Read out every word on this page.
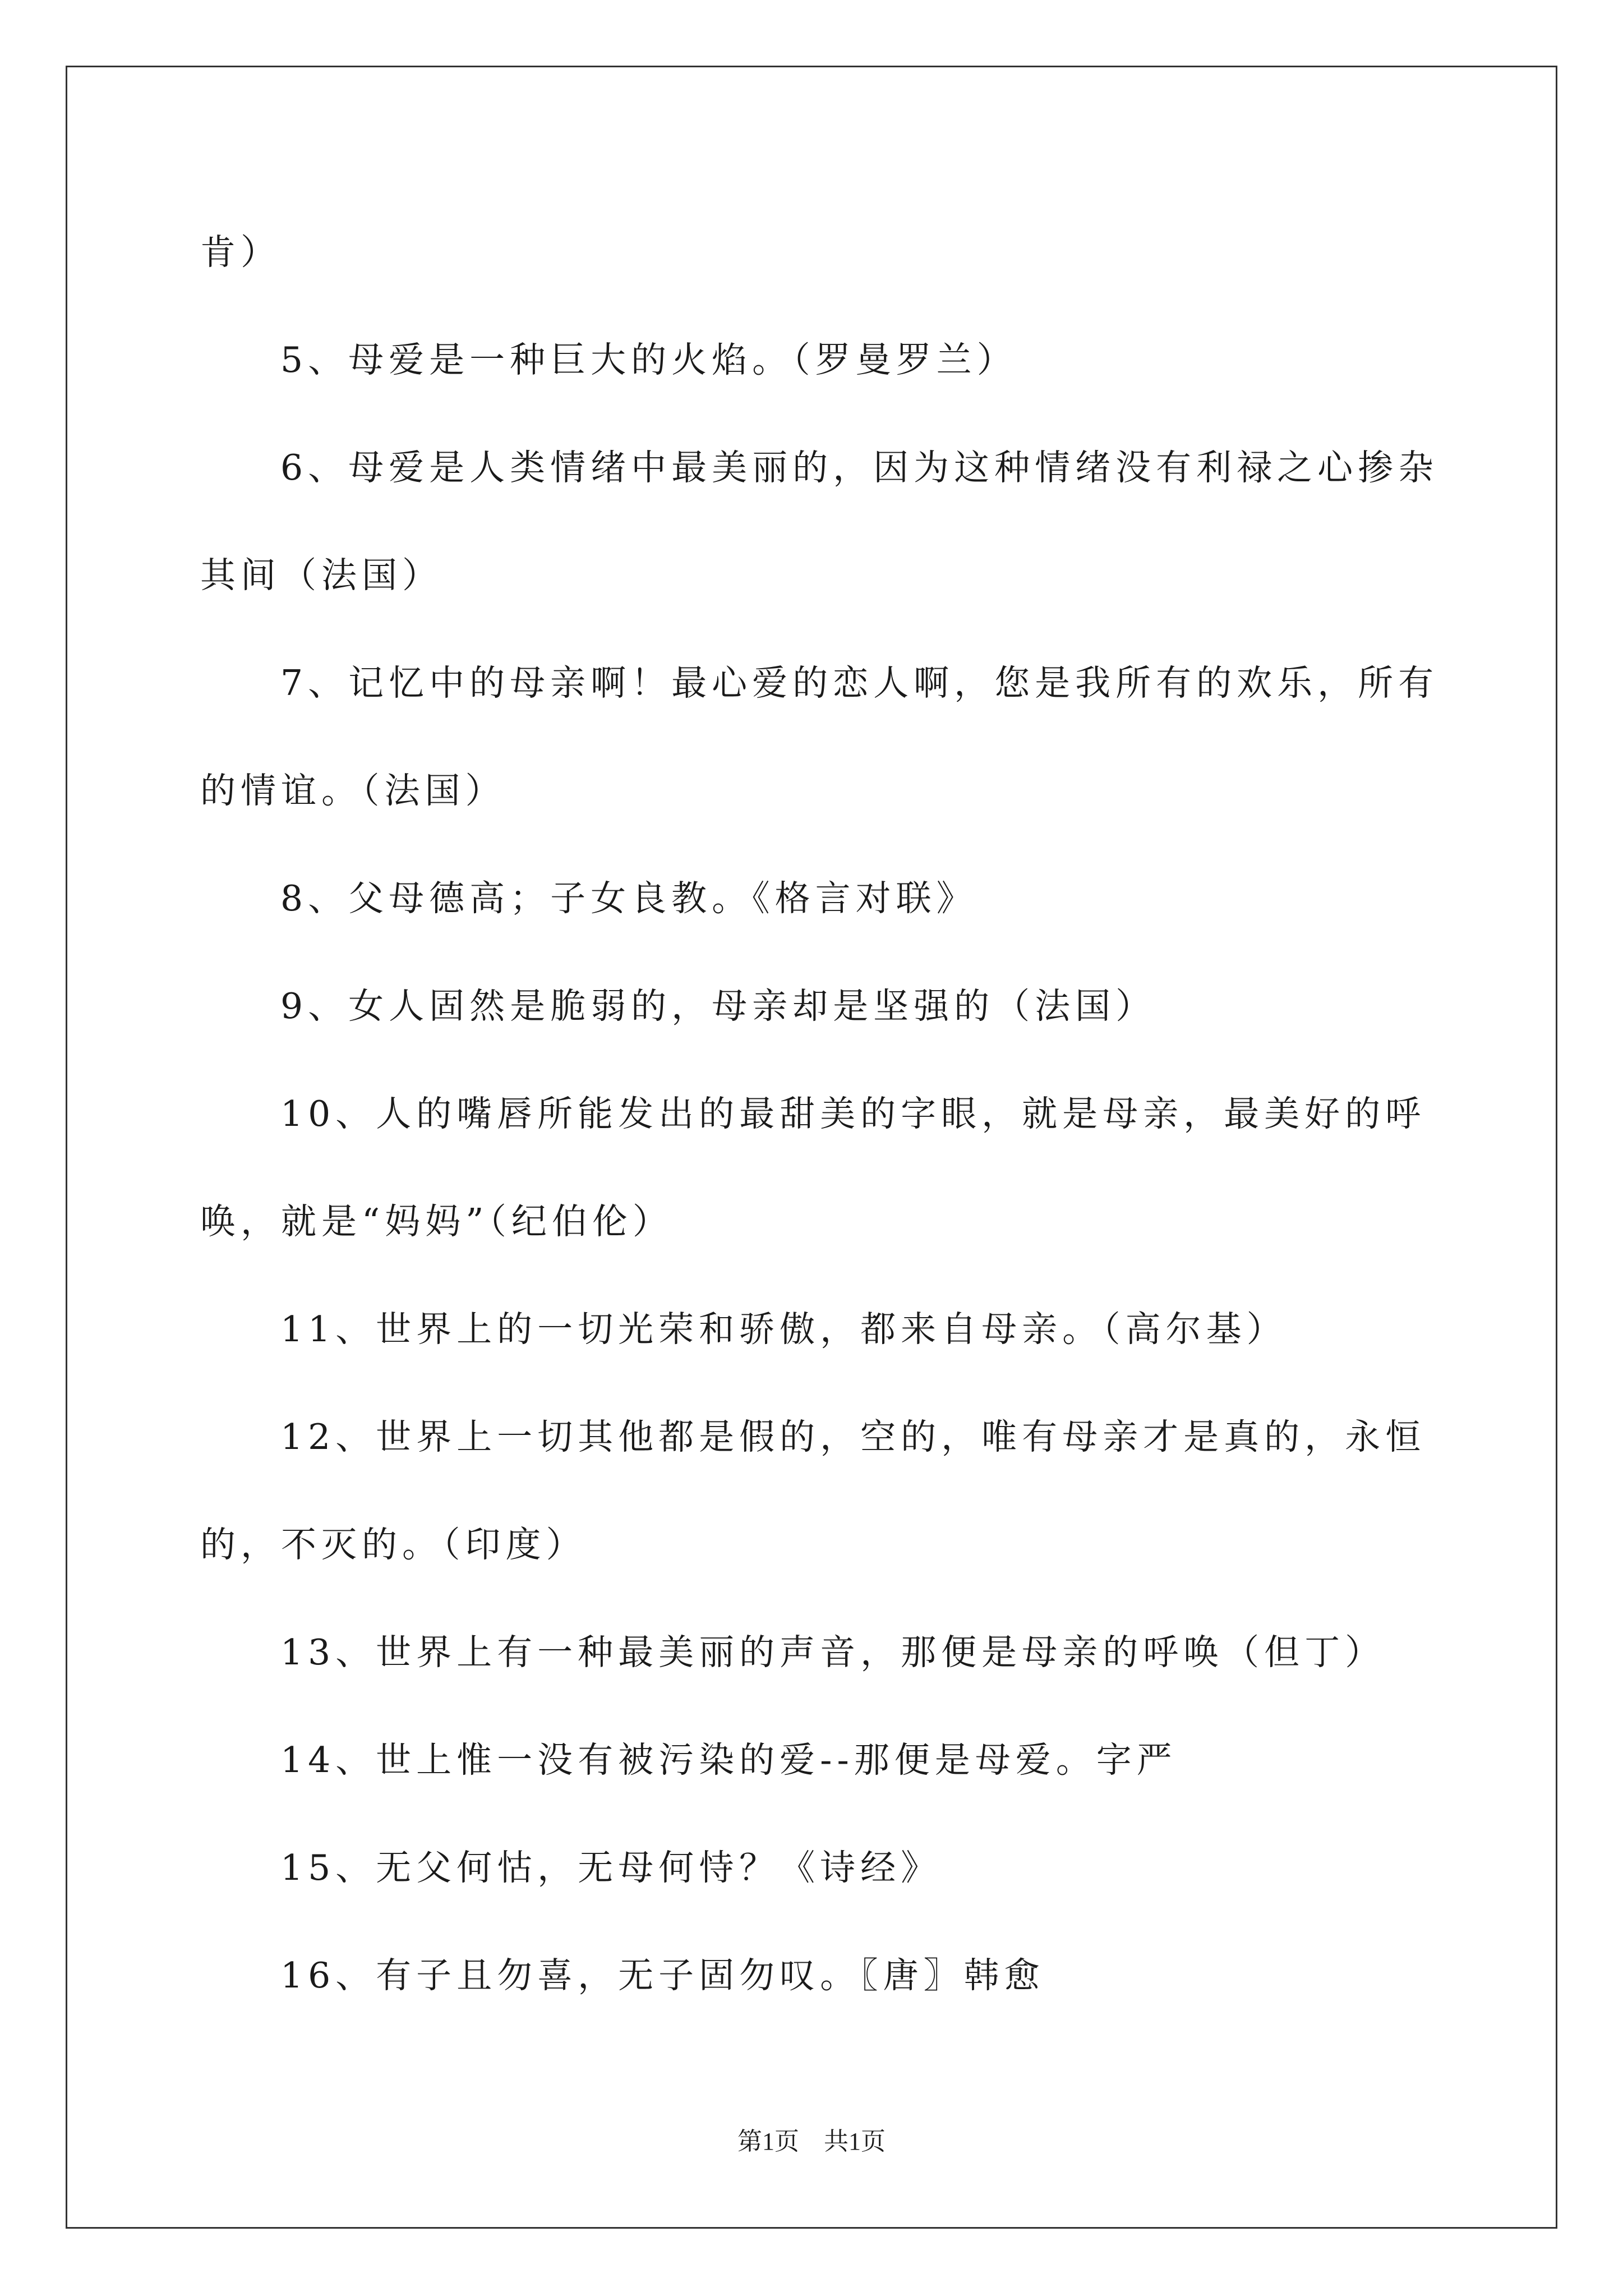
肯）
5、母爱是一种巨大的火焰。（罗曼罗兰）
6、母爱是人类情绪中最美丽的，因为这种情绪没有利禄之心掺杂
其间（法国）
7、记忆中的母亲啊！最心爱的恋人啊，您是我所有的欢乐，所有
的情谊。（法国）
8、父母德高；子女良教。《格言对联》
9、女人固然是脆弱的，母亲却是坚强的（法国）
10、人的嘴唇所能发出的最甜美的字眼，就是母亲，最美好的呼
唤，就是“妈妈”（纪伯伦）
11、世界上的一切光荣和骄傲，都来自母亲。（高尔基）
12、世界上一切其他都是假的，空的，唯有母亲才是真的，永恒
的，不灭的。（印度）
13、世界上有一种最美丽的声音，那便是母亲的呼唤（但丁）
14、世上惟一没有被污染的爱--那便是母爱。字严
15、无父何怙，无母何恃？《诗经》
16、有子且勿喜，无子固勿叹。〖唐〗韩愈
第1页　共1页
